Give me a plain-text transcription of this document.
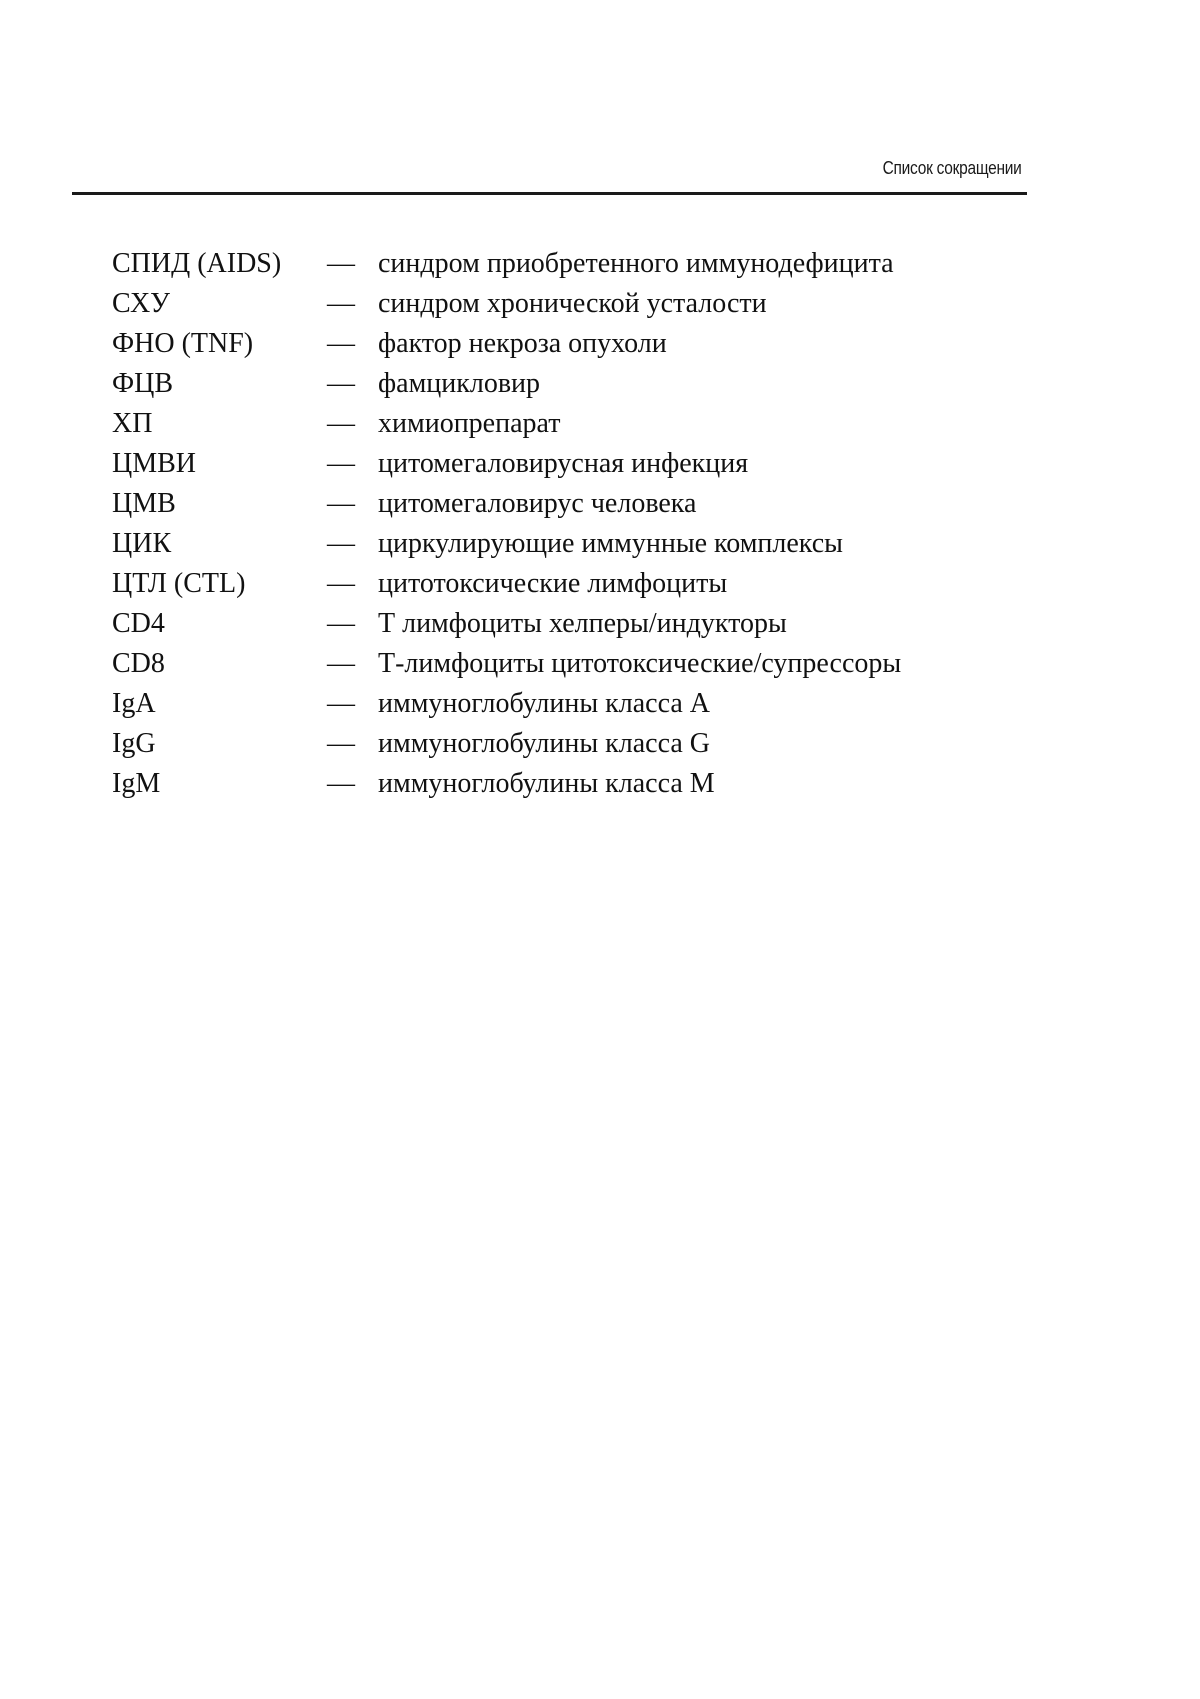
Список сокращении
СПИД (AIDS)	— синдром приобретенного иммунодефицита
СХУ	— синдром хронической усталости
ФНО (TNF)	— фактор некроза опухоли
ФЦВ	— фамцикловир
ХП	— химиопрепарат
ЦМВИ	— цитомегаловирусная инфекция
ЦМВ	— цитомегаловирус человека
ЦИК	— циркулирующие иммунные комплексы
ЦТЛ (CTL)	— цитотоксические лимфоциты
CD4	— Т лимфоциты хелперы/индукторы
CD8	— Т-лимфоциты цитотоксические/супрессоры
IgA	— иммуноглобулины класса А
IgG	— иммуноглобулины класса G
IgM	— иммуноглобулины класса М
